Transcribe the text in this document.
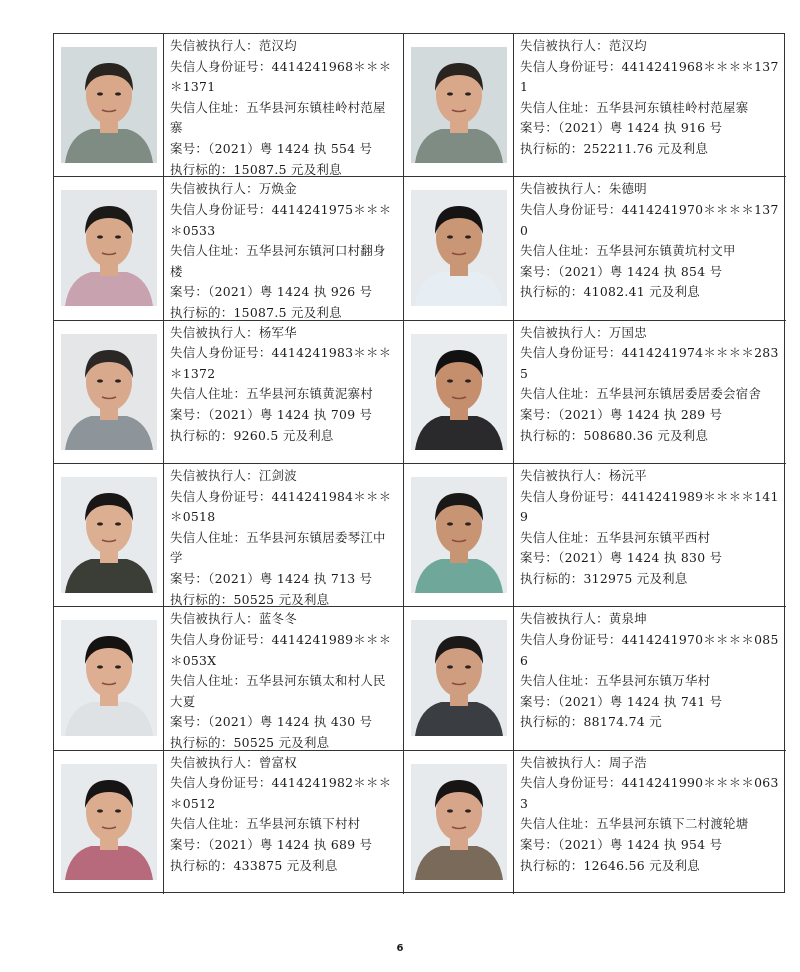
失信被执行人：范汉均
失信人身份证号：4414241968＊＊＊＊1371
失信人住址：五华县河东镇桂岭村范屋寨
案号：（2021）粤 1424 执 554 号
执行标的：15087.5 元及利息
失信被执行人：范汉均
失信人身份证号：4414241968＊＊＊＊1371
失信人住址：五华县河东镇桂岭村范屋寨
案号：（2021）粤 1424 执 916 号
执行标的：252211.76 元及利息
失信被执行人：万焕金
失信人身份证号：4414241975＊＊＊＊0533
失信人住址：五华县河东镇河口村翻身楼
案号：（2021）粤 1424 执 926 号
执行标的：15087.5 元及利息
失信被执行人：朱德明
失信人身份证号：4414241970＊＊＊＊1370
失信人住址：五华县河东镇黄坑村文甲
案号：（2021）粤 1424 执 854 号
执行标的：41082.41 元及利息
失信被执行人：杨军华
失信人身份证号：4414241983＊＊＊＊1372
失信人住址：五华县河东镇黄泥寨村
案号：（2021）粤 1424 执 709 号
执行标的：9260.5 元及利息
失信被执行人：万国忠
失信人身份证号：4414241974＊＊＊＊2835
失信人住址：五华县河东镇居委居委会宿舍
案号：（2021）粤 1424 执 289 号
执行标的：508680.36 元及利息
失信被执行人：江剑波
失信人身份证号：4414241984＊＊＊＊0518
失信人住址：五华县河东镇居委琴江中学
案号：（2021）粤 1424 执 713 号
执行标的：50525 元及利息
失信被执行人：杨沅平
失信人身份证号：4414241989＊＊＊＊1419
失信人住址：五华县河东镇平西村
案号：（2021）粤 1424 执 830 号
执行标的：312975 元及利息
失信被执行人：蓝冬冬
失信人身份证号：4414241989＊＊＊＊053X
失信人住址：五华县河东镇太和村人民大夏
案号：（2021）粤 1424 执 430 号
执行标的：50525 元及利息
失信被执行人：黄泉坤
失信人身份证号：4414241970＊＊＊＊0856
失信人住址：五华县河东镇万华村
案号：（2021）粤 1424 执 741 号
执行标的：88174.74 元
失信被执行人：曾富权
失信人身份证号：4414241982＊＊＊＊0512
失信人住址：五华县河东镇下村村
案号：（2021）粤 1424 执 689 号
执行标的：433875 元及利息
失信被执行人：周子浩
失信人身份证号：4414241990＊＊＊＊0633
失信人住址：五华县河东镇下二村渡轮塘
案号：（2021）粤 1424 执 954 号
执行标的：12646.56 元及利息
6
